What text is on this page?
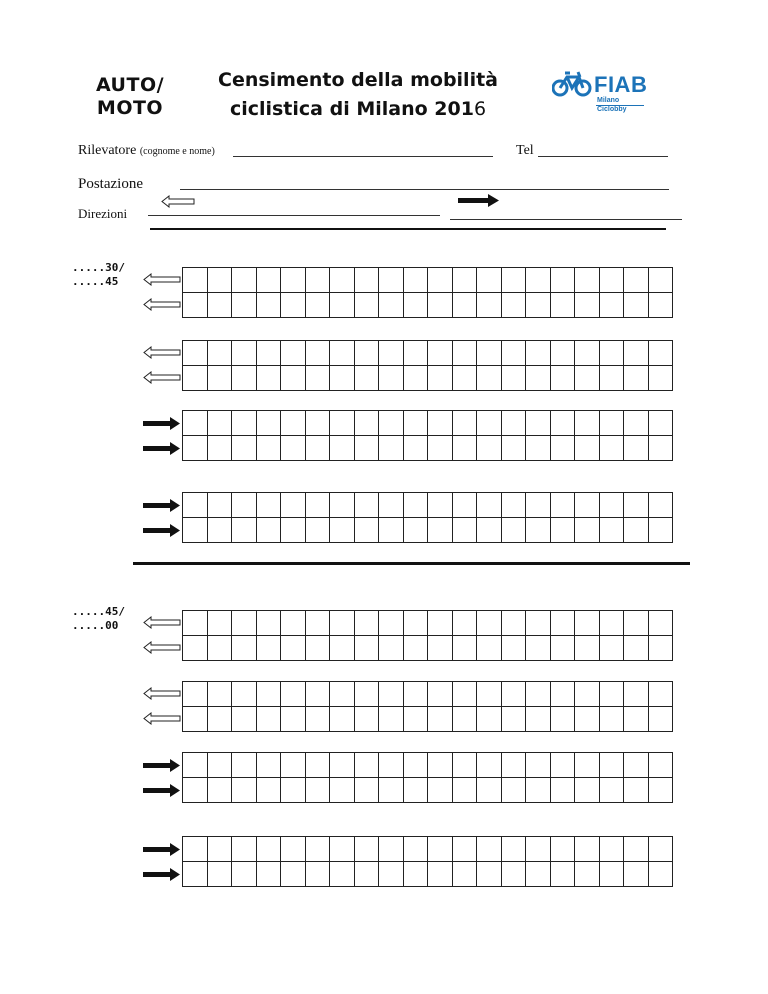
AUTO/
MOTO
Censimento della mobilità
ciclistica di Milano 2016
FIAB
Milano
Ciclobby
Rilevatore (cognome e nome)	Tel
Postazione
Direzioni
.....30/
.....45

.....45/
.....00
